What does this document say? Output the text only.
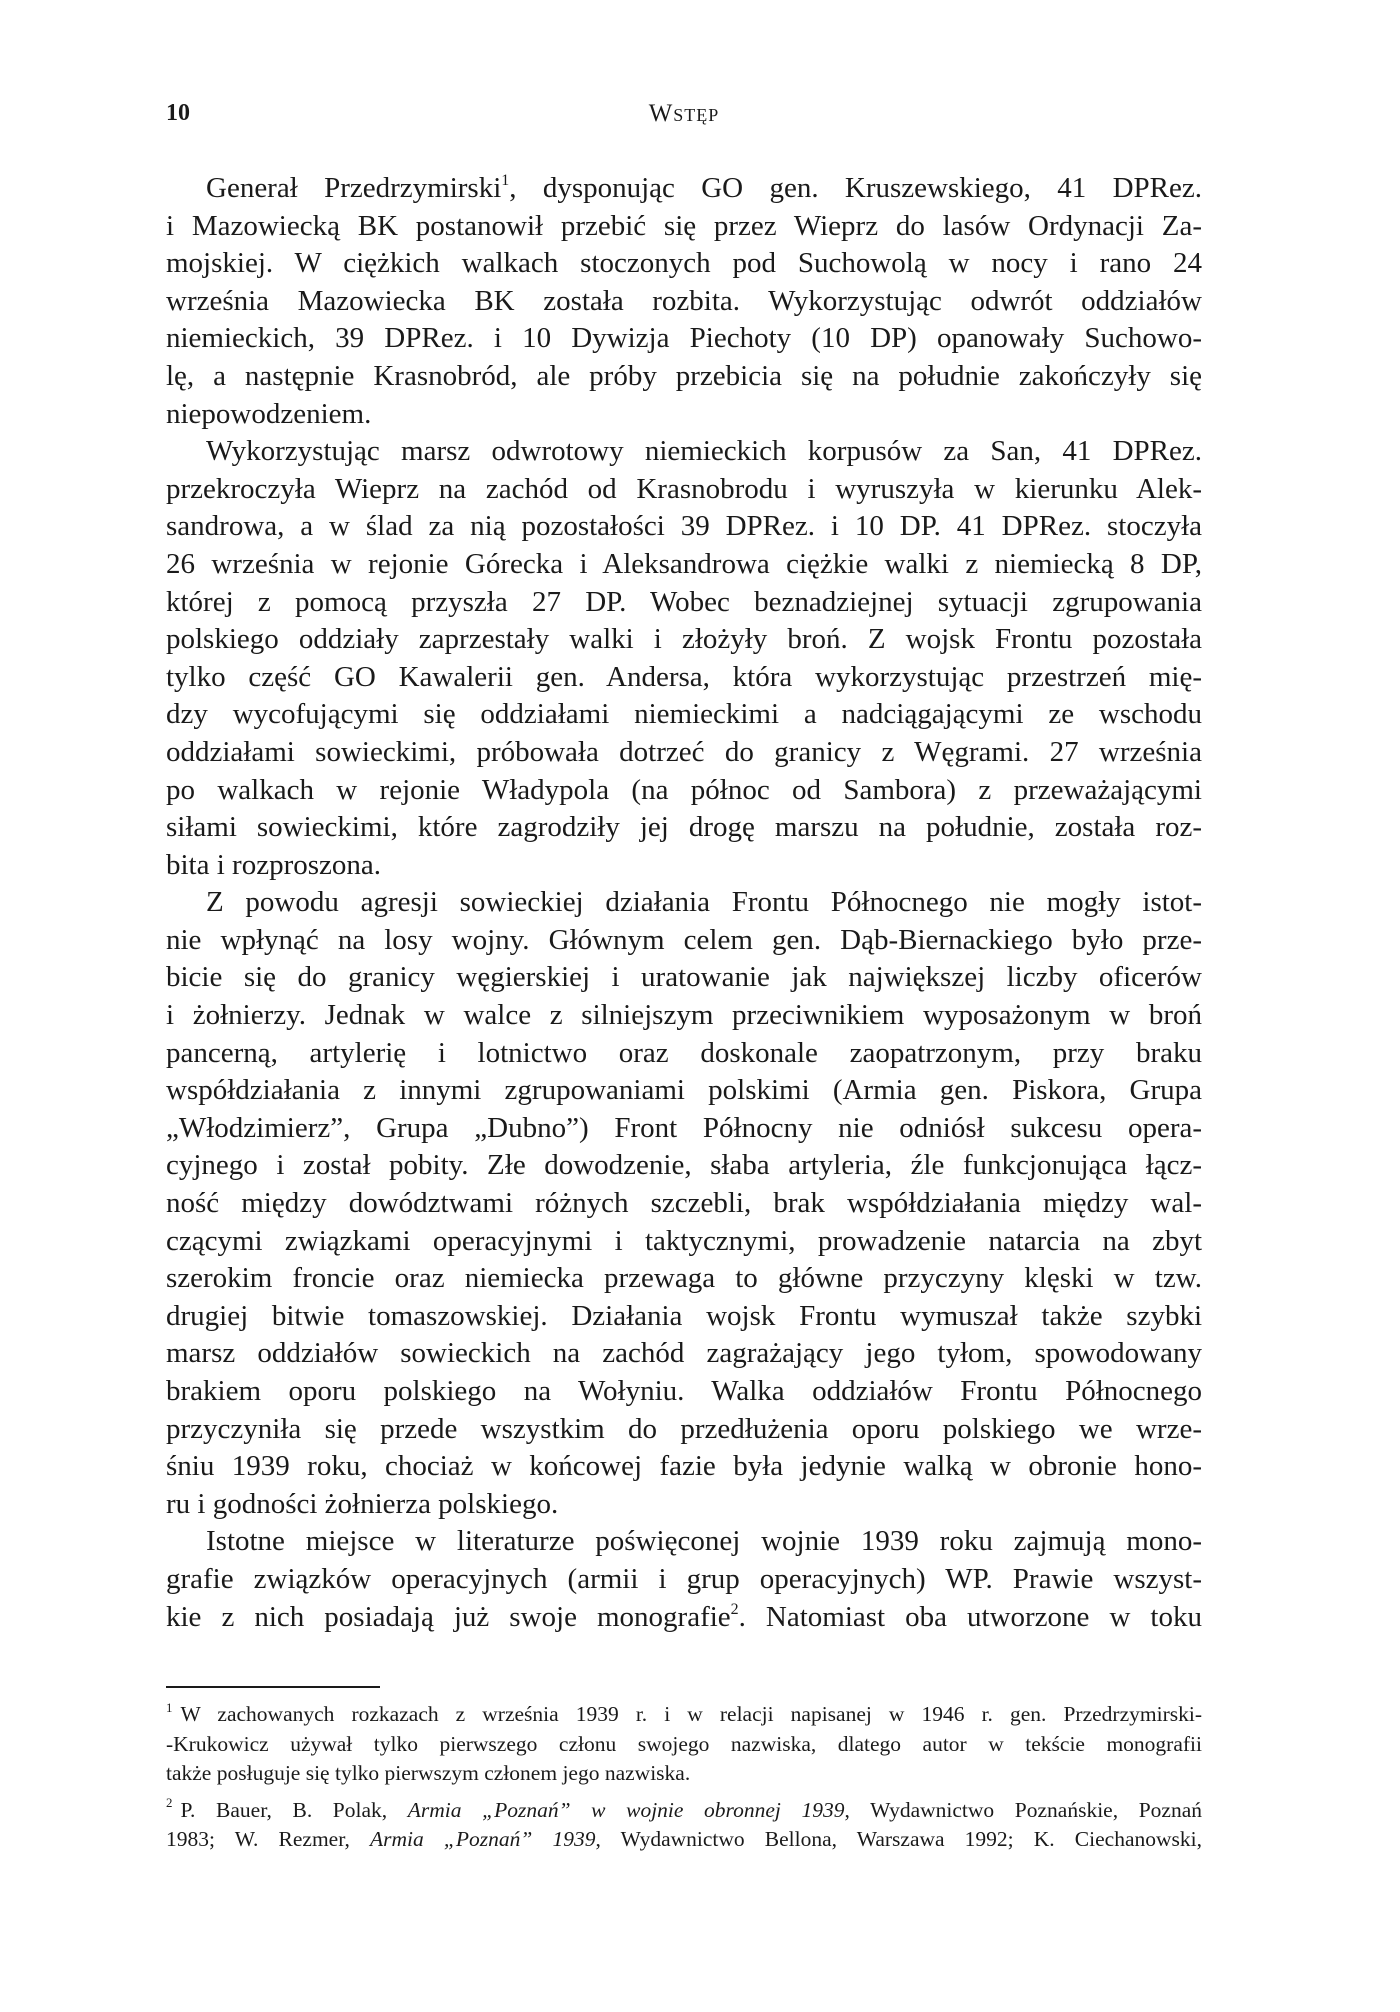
10	Wstęp

Generał Przedrzymirski$^1$, dysponując GO gen. Kruszewskiego, 41 DPRez.
i Mazowiecką BK postanowił przebić się przez Wieprz do lasów Ordynacji Za-
mojskiej. W ciężkich walkach stoczonych pod Suchowolą w nocy i rano 24
września Mazowiecka BK została rozbita. Wykorzystując odwrót oddziałów
niemieckich, 39 DPRez. i 10 Dywizja Piechoty (10 DP) opanowały Suchowo-
lę, a następnie Krasnobród, ale próby przebicia się na południe zakończyły się
niepowodzeniem.

Wykorzystując marsz odwrotowy niemieckich korpusów za San, 41 DPRez.
przekroczyła Wieprz na zachód od Krasnobrodu i wyruszyła w kierunku Alek-
sandrowa, a w ślad za nią pozostałości 39 DPRez. i 10 DP. 41 DPRez. stoczyła
26 września w rejonie Górecka i Aleksandrowa ciężkie walki z niemiecką 8 DP,
której z pomocą przyszła 27 DP. Wobec beznadziejnej sytuacji zgrupowania
polskiego oddziały zaprzestały walki i złożyły broń. Z wojsk Frontu pozostała
tylko część GO Kawalerii gen. Andersa, która wykorzystując przestrzeń mię-
dzy wycofującymi się oddziałami niemieckimi a nadciągającymi ze wschodu
oddziałami sowieckimi, próbowała dotrzeć do granicy z Węgrami. 27 września
po walkach w rejonie Władypola (na północ od Sambora) z przeważającymi
siłami sowieckimi, które zagrodziły jej drogę marszu na południe, została roz-
bita i rozproszona.

Z powodu agresji sowieckiej działania Frontu Północnego nie mogły istot-
nie wpłynąć na losy wojny. Głównym celem gen. Dąb-Biernackiego było prze-
bicie się do granicy węgierskiej i uratowanie jak największej liczby oficerów
i żołnierzy. Jednak w walce z silniejszym przeciwnikiem wyposażonym w broń
pancerną, artylerię i lotnictwo oraz doskonale zaopatrzonym, przy braku
współdziałania z innymi zgrupowaniami polskimi (Armia gen. Piskora, Grupa
„Włodzimierz”, Grupa „Dubno”) Front Północny nie odniósł sukcesu opera-
cyjnego i został pobity. Złe dowodzenie, słaba artyleria, źle funkcjonująca łącz-
ność między dowództwami różnych szczebli, brak współdziałania między wal-
czącymi związkami operacyjnymi i taktycznymi, prowadzenie natarcia na zbyt
szerokim froncie oraz niemiecka przewaga to główne przyczyny klęski w tzw.
drugiej bitwie tomaszowskiej. Działania wojsk Frontu wymuszał także szybki
marsz oddziałów sowieckich na zachód zagrażający jego tyłom, spowodowany
brakiem oporu polskiego na Wołyniu. Walka oddziałów Frontu Północnego
przyczyniła się przede wszystkim do przedłużenia oporu polskiego we wrze-
śniu 1939 roku, chociaż w końcowej fazie była jedynie walką w obronie hono-
ru i godności żołnierza polskiego.

Istotne miejsce w literaturze poświęconej wojnie 1939 roku zajmują mono-
grafie związków operacyjnych (armii i grup operacyjnych) WP. Prawie wszyst-
kie z nich posiadają już swoje monografie$^2$. Natomiast oba utworzone w toku

$^1$ W zachowanych rozkazach z września 1939 r. i w relacji napisanej w 1946 r. gen. Przedrzymirski-
-Krukowicz używał tylko pierwszego członu swojego nazwiska, dlatego autor w tekście monografii
także posługuje się tylko pierwszym członem jego nazwiska.
$^2$ P. Bauer, B. Polak, Armia „Poznań” w wojnie obronnej 1939, Wydawnictwo Poznańskie, Poznań
1983; W. Rezmer, Armia „Poznań” 1939, Wydawnictwo Bellona, Warszawa 1992; K. Ciechanowski,
